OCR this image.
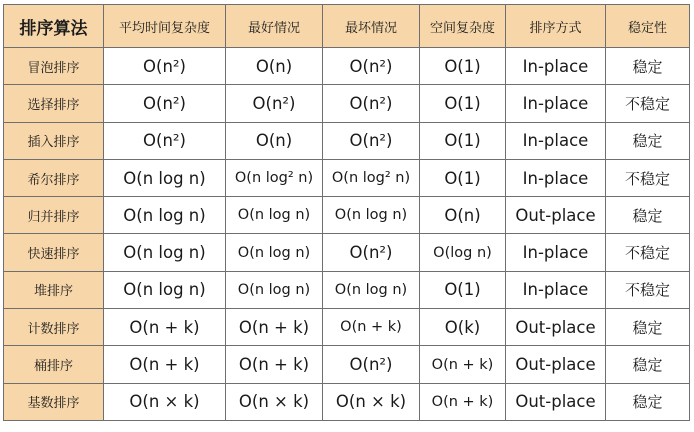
排序算法	平均时间复杂度	最好情况	最坏情况	空间复杂度	排序方式	稳定性
冒泡排序	O(n²)	O(n)	O(n²)	O(1)	In-place	稳定
选择排序	O(n²)	O(n²)	O(n²)	O(1)	In-place	不稳定
插入排序	O(n²)	O(n)	O(n²)	O(1)	In-place	稳定
希尔排序	O(n log n)	O(n log² n)	O(n log² n)	O(1)	In-place	不稳定
归并排序	O(n log n)	O(n log n)	O(n log n)	O(n)	Out-place	稳定
快速排序	O(n log n)	O(n log n)	O(n²)	O(log n)	In-place	不稳定
堆排序	O(n log n)	O(n log n)	O(n log n)	O(1)	In-place	不稳定
计数排序	O(n + k)	O(n + k)	O(n + k)	O(k)	Out-place	稳定
桶排序	O(n + k)	O(n + k)	O(n²)	O(n + k)	Out-place	稳定
基数排序	O(n × k)	O(n × k)	O(n × k)	O(n + k)	Out-place	稳定
